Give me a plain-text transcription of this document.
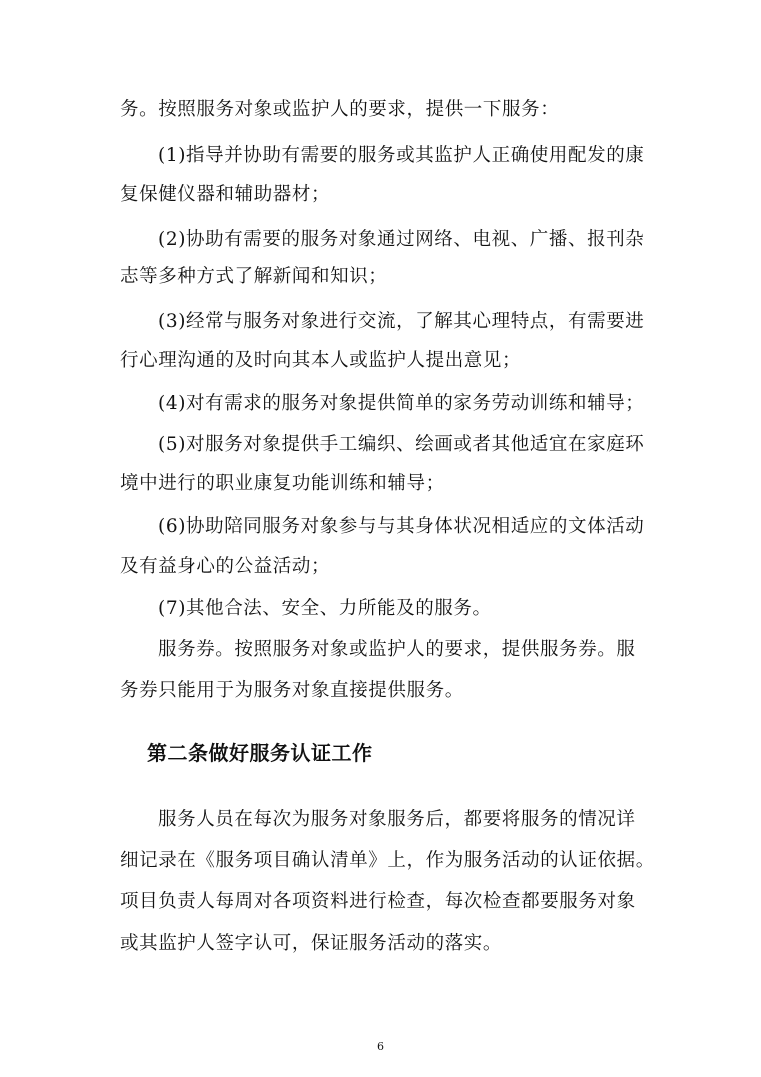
务。按照服务对象或监护人的要求，提供一下服务：
(1)指导并协助有需要的服务或其监护人正确使用配发的康
复保健仪器和辅助器材；
(2)协助有需要的服务对象通过网络、电视、广播、报刊杂
志等多种方式了解新闻和知识；
(3)经常与服务对象进行交流，了解其心理特点，有需要进
行心理沟通的及时向其本人或监护人提出意见；
(4)对有需求的服务对象提供简单的家务劳动训练和辅导；
(5)对服务对象提供手工编织、绘画或者其他适宜在家庭环
境中进行的职业康复功能训练和辅导；
(6)协助陪同服务对象参与与其身体状况相适应的文体活动
及有益身心的公益活动；
(7)其他合法、安全、力所能及的服务。
服务券。按照服务对象或监护人的要求，提供服务券。服
务券只能用于为服务对象直接提供服务。
第二条做好服务认证工作
服务人员在每次为服务对象服务后，都要将服务的情况详
细记录在《服务项目确认清单》上，作为服务活动的认证依据。
项目负责人每周对各项资料进行检查，每次检查都要服务对象
或其监护人签字认可，保证服务活动的落实。
6
